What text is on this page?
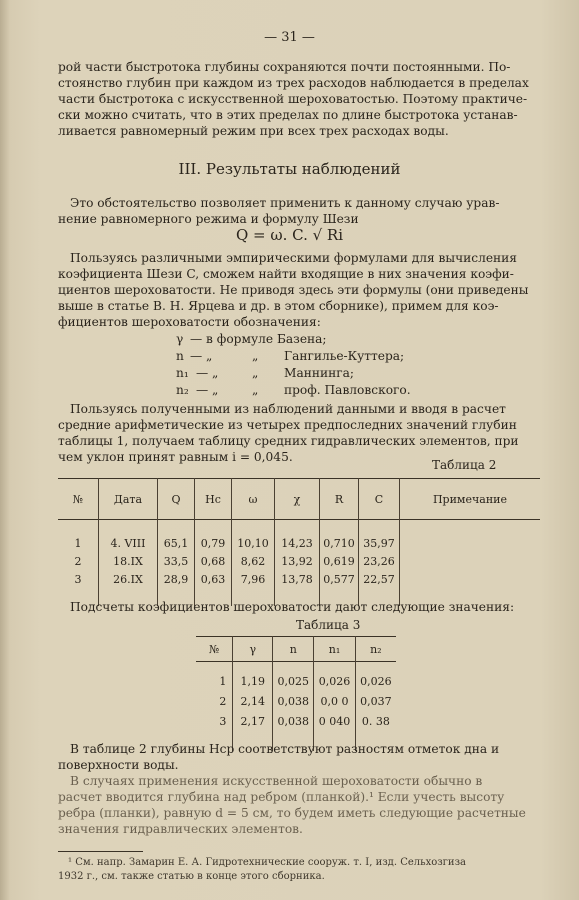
— 31 —
рой части быстротока глубины сохраняются почти постоянными. По-
стоянство глубин при каждом из трех расходов наблюдается в пределах
части быстротока с искусственной шероховатостью. Поэтому практиче-
ски можно считать, что в этих пределах по длине быстротока устанав-
ливается равномерный режим при всех трех расходах воды.
III. Результаты наблюдений
Это обстоятельство позволяет применить к данному случаю урав-
нение равномерного режима и формулу Шези
Q = ω. C. √ Ri
Пользуясь различными эмпирическими формулами для вычисления
коэфициента Шези C, сможем найти входящие в них значения коэфи-
циентов шероховатости. Не приводя здесь эти формулы (они приведены
выше в статье В. Н. Ярцева и др. в этом сборнике), примем для коэ-
фициентов шероховатости обозначения:
γ — в формуле Базена;
n — „	„ Гангилье-Куттера;
n₁ — „	„ Маннинга;
n₂ — „	„ проф. Павловского.
Пользуясь полученными из наблюдений данными и вводя в расчет
средние арифметические из четырех предпоследних значений глубин
таблицы 1, получаем таблицу средних гидравлических элементов, при
чем уклон принят равным i = 0,045.
Таблица 2
№	Дата	Q	Hc	ω	χ	R	C	Примечание
1	4. VIII	65,1	0,79	10,10	14,23	0,710	35,97	
2	18.IX	33,5	0,68	8,62	13,92	0,619	23,26	
3	26.IX	28,9	0,63	7,96	13,78	0,577	22,57	

Подсчеты коэфициентов шероховатости дают следующие значения:
Таблица 3
№	γ	n	n₁	n₂
1	1,19	0,025	0,026	0,026
2	2,14	0,038	0,0 0	0,037
3	2,17	0,038	0 040	0. 38

В таблице 2 глубины Hср соответствуют разностям отметок дна и
поверхности воды.
В случаях применения искусственной шероховатости обычно в
расчет вводится глубина над ребром (планкой).¹ Если учесть высоту
ребра (планки), равную d = 5 см, то будем иметь следующие расчетные
значения гидравлических элементов.
¹ См. напр. Замарин Е. А. Гидротехнические сооруж. т. I, изд. Сельхозгиза
1932 г., см. также статью в конце этого сборника.
